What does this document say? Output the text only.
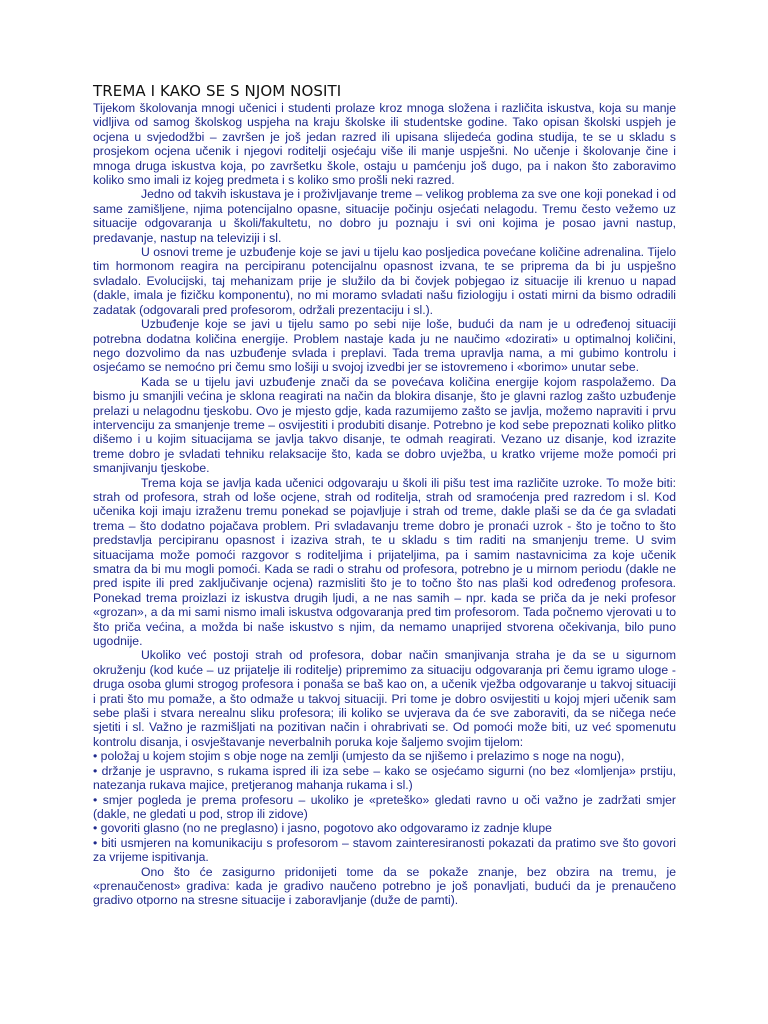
TREMA I KAKO SE S NJOM NOSITI

Tijekom školovanja mnogi učenici i studenti prolaze kroz mnoga složena i različita iskustva, koja su manje vidljiva od samog školskog uspjeha na kraju školske ili studentske godine. Tako opisan školski uspjeh je ocjena u svjedodžbi – završen je još jedan razred ili upisana slijedeća godina studija, te se u skladu s prosjekom ocjena učenik i njegovi roditelji osjećaju više ili manje uspješni. No učenje i školovanje čine i mnoga druga iskustva koja, po završetku škole, ostaju u pamćenju još dugo, pa i nakon što zaboravimo koliko smo imali iz kojeg predmeta i s koliko smo prošli neki razred.

Jedno od takvih iskustava je i proživljavanje treme – velikog problema za sve one koji ponekad i od same zamišljene, njima potencijalno opasne, situacije počinju osjećati nelagodu. Tremu često vežemo uz situacije odgovaranja u školi/fakultetu, no dobro ju poznaju i svi oni kojima je posao javni nastup, predavanje, nastup na televiziji i sl.

U osnovi treme je uzbuđenje koje se javi u tijelu kao posljedica povećane količine adrenalina. Tijelo tim hormonom reagira na percipiranu potencijalnu opasnost izvana, te se priprema da bi ju uspješno svladalo. Evolucijski, taj mehanizam prije je služilo da bi čovjek pobjegao iz situacije ili krenuo u napad (dakle, imala je fizičku komponentu), no mi moramo svladati našu fiziologiju i ostati mirni da bismo odradili zadatak (odgovarali pred profesorom, održali prezentaciju i sl.).

Uzbuđenje koje se javi u tijelu samo po sebi nije loše, budući da nam je u određenoj situaciji potrebna dodatna količina energije. Problem nastaje kada ju ne naučimo «dozirati» u optimalnoj količini, nego dozvolimo da nas uzbuđenje svlada i preplavi. Tada trema upravlja nama, a mi gubimo kontrolu i osjećamo se nemoćno pri čemu smo lošiji u svojoj izvedbi jer se istovremeno i «borimo» unutar sebe.

Kada se u tijelu javi uzbuđenje znači da se povećava količina energije kojom raspolažemo. Da bismo ju smanjili većina je sklona reagirati na način da blokira disanje, što je glavni razlog zašto uzbuđenje prelazi u nelagodnu tjeskobu. Ovo je mjesto gdje, kada razumijemo zašto se javlja, možemo napraviti i prvu intervenciju za smanjenje treme – osvijestiti i produbiti disanje. Potrebno je kod sebe prepoznati koliko plitko dišemo i u kojim situacijama se javlja takvo disanje, te odmah reagirati. Vezano uz disanje, kod izrazite treme dobro je svladati tehniku relaksacije što, kada se dobro uvježba, u kratko vrijeme može pomoći pri smanjivanju tjeskobe.

Trema koja se javlja kada učenici odgovaraju u školi ili pišu test ima različite uzroke. To može biti: strah od profesora, strah od loše ocjene, strah od roditelja, strah od sramoćenja pred razredom i sl. Kod učenika koji imaju izraženu tremu ponekad se pojavljuje i strah od treme, dakle plaši se da će ga svladati trema – što dodatno pojačava problem. Pri svladavanju treme dobro je pronaći uzrok - što je točno to što predstavlja percipiranu opasnost i izaziva strah, te u skladu s tim raditi na smanjenju treme. U svim situacijama može pomoći razgovor s roditeljima i prijateljima, pa i samim nastavnicima za koje učenik smatra da bi mu mogli pomoći. Kada se radi o strahu od profesora, potrebno je u mirnom periodu (dakle ne pred ispite ili pred zaključivanje ocjena) razmisliti što je to točno što nas plaši kod određenog profesora. Ponekad trema proizlazi iz iskustva drugih ljudi, a ne nas samih – npr. kada se priča da je neki profesor «grozan», a da mi sami nismo imali iskustva odgovaranja pred tim profesorom. Tada počnemo vjerovati u to što priča većina, a možda bi naše iskustvo s njim, da nemamo unaprijed stvorena očekivanja, bilo puno ugodnije.

Ukoliko već postoji strah od profesora, dobar način smanjivanja straha je da se u sigurnom okruženju (kod kuće – uz prijatelje ili roditelje) pripremimo za situaciju odgovaranja pri čemu igramo uloge - druga osoba glumi strogog profesora i ponaša se baš kao on, a učenik vježba odgovaranje u takvoj situaciji i prati što mu pomaže, a što odmaže u takvoj situaciji. Pri tome je dobro osvijestiti u kojoj mjeri učenik sam sebe plaši i stvara nerealnu sliku profesora; ili koliko se uvjerava da će sve zaboraviti, da se ničega neće sjetiti i sl. Važno je razmišljati na pozitivan način i ohrabrivati se. Od pomoći može biti, uz već spomenutu kontrolu disanja, i osvještavanje neverbalnih poruka koje šaljemo svojim tijelom:

• položaj u kojem stojim s obje noge na zemlji (umjesto da se njišemo i prelazimo s noge na nogu),
• držanje je uspravno, s rukama ispred ili iza sebe – kako se osjećamo sigurni (no bez «lomljenja» prstiju, natezanja rukava majice, pretjeranog mahanja rukama i sl.)
• smjer pogleda je prema profesoru – ukoliko je «preteško» gledati ravno u oči važno je zadržati smjer (dakle, ne gledati u pod, strop ili zidove)
• govoriti glasno (no ne preglasno) i jasno, pogotovo ako odgovaramo iz zadnje klupe
• biti usmjeren na komunikaciju s profesorom – stavom zainteresiranosti pokazati da pratimo sve što govori za vrijeme ispitivanja.

Ono što će zasigurno pridonijeti tome da se pokaže znanje, bez obzira na tremu, je «prenaučenost» gradiva: kada je gradivo naučeno potrebno je još ponavljati, budući da je prenaučeno gradivo otporno na stresne situacije i zaboravljanje (duže de pamti).
